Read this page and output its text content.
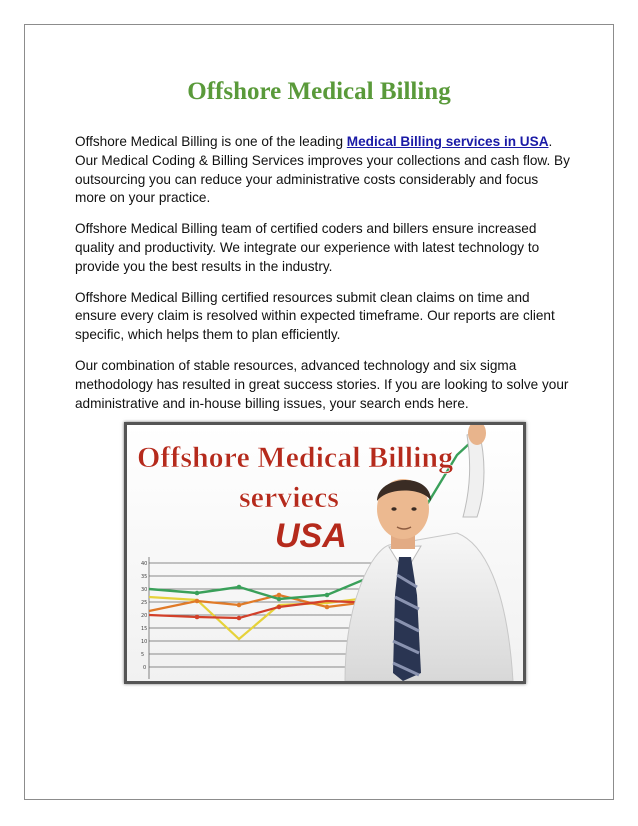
Offshore Medical Billing

Offshore Medical Billing is one of the leading Medical Billing services in USA. Our Medical Coding & Billing Services improves your collections and cash flow. By outsourcing you can reduce your administrative costs considerably and focus more on your practice.

Offshore Medical Billing team of certified coders and billers ensure increased quality and productivity. We integrate our experience with latest technology to provide you the best results in the industry.

Offshore Medical Billing certified resources submit clean claims on time and ensure every claim is resolved within expected timeframe. Our reports are client specific, which helps them to plan efficiently.

Our combination of stable resources, advanced technology and six sigma methodology has resulted in great success stories. If you are looking to solve your administrative and in-house billing issues, your search ends here.

40
35
30
25
20
15
10
5
0
Offshore Medical Billing
serviecs
USA
